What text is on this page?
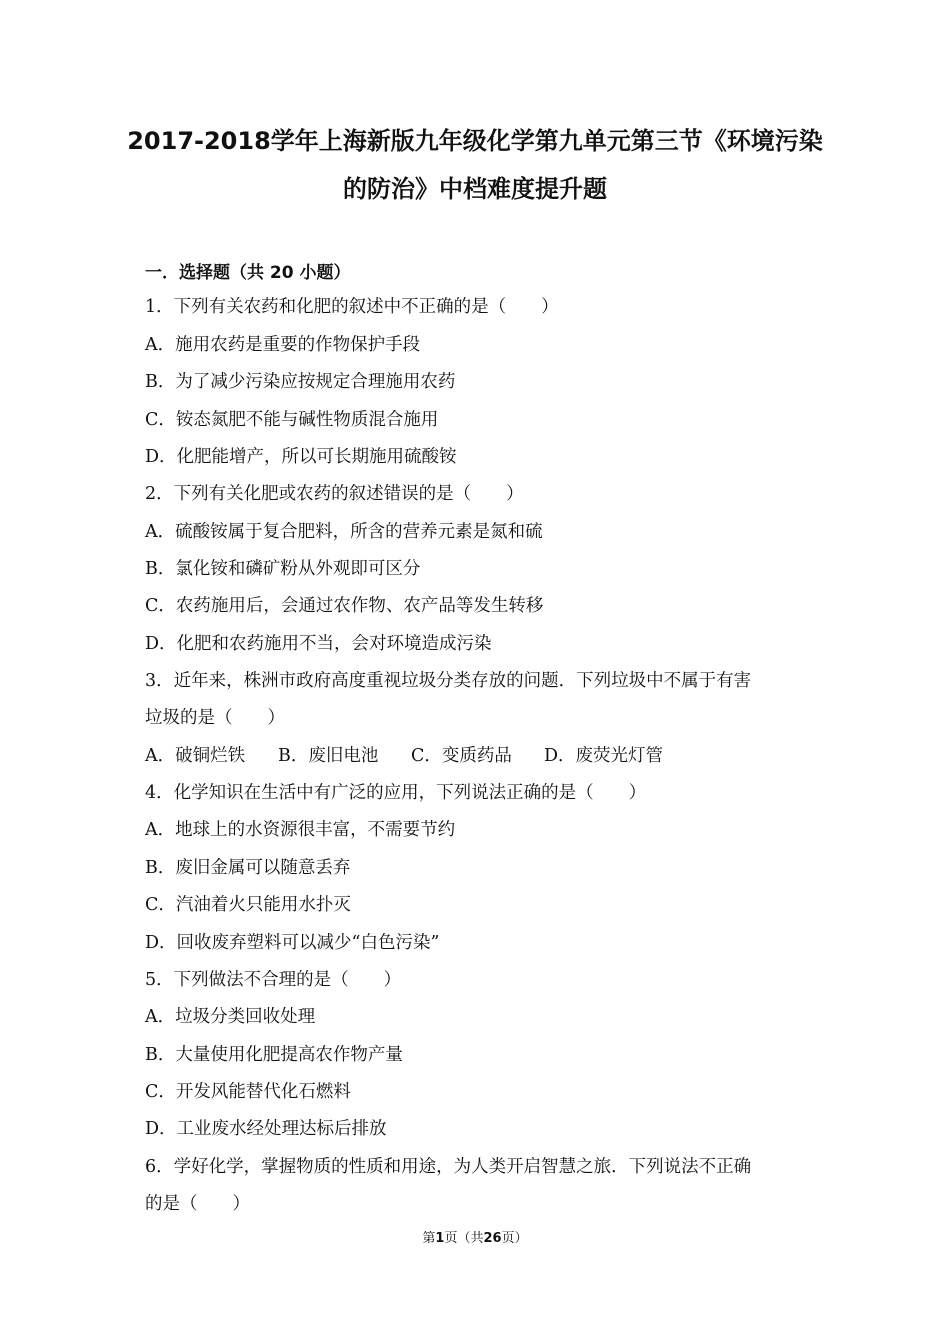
2017-2018学年上海新版九年级化学第九单元第三节《环境污染
的防治》中档难度提升题
一．选择题（共 20 小题）
1．下列有关农药和化肥的叙述中不正确的是（　　）
A．施用农药是重要的作物保护手段
B．为了减少污染应按规定合理施用农药
C．铵态氮肥不能与碱性物质混合施用
D．化肥能增产，所以可长期施用硫酸铵
2．下列有关化肥或农药的叙述错误的是（　　）
A．硫酸铵属于复合肥料，所含的营养元素是氮和硫
B．氯化铵和磷矿粉从外观即可区分
C．农药施用后，会通过农作物、农产品等发生转移
D．化肥和农药施用不当，会对环境造成污染
3．近年来，株洲市政府高度重视垃圾分类存放的问题．下列垃圾中不属于有害
垃圾的是（　　）
A．破铜烂铁 B．废旧电池 C．变质药品 D．废荧光灯管
4．化学知识在生活中有广泛的应用，下列说法正确的是（　　）
A．地球上的水资源很丰富，不需要节约
B．废旧金属可以随意丢弃
C．汽油着火只能用水扑灭
D．回收废弃塑料可以减少“白色污染”
5．下列做法不合理的是（　　）
A．垃圾分类回收处理
B．大量使用化肥提高农作物产量
C．开发风能替代化石燃料
D．工业废水经处理达标后排放
6．学好化学，掌握物质的性质和用途，为人类开启智慧之旅．下列说法不正确
的是（　　）
第1页（共26页）
